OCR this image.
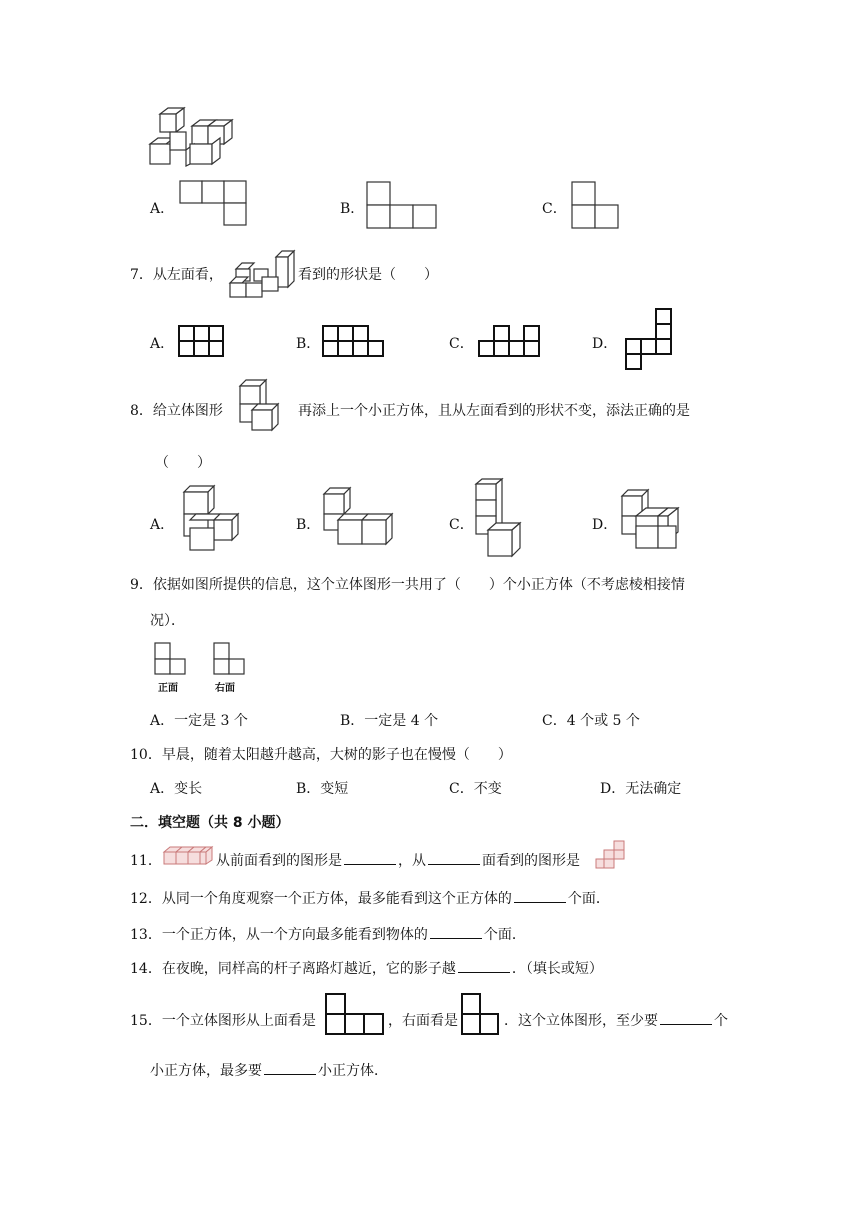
A．	B．	C．
7．从左面看，	看到的形状是（　　）
A．	B．	C．	D．
8．给立体图形	再添上一个小正方体，且从左面看到的形状不变，添法正确的是
（　　）
A．	B．	C．	D．
9．依据如图所提供的信息，这个立体图形一共用了（　　）个小正方体（不考虑棱相接情
况）．
正面	右面
A．一定是 3 个	B．一定是 4 个	C．4 个或 5 个
10．早晨，随着太阳越升越高，大树的影子也在慢慢（　　）
A．变长	B．变短	C．不变	D．无法确定
二．填空题（共 8 小题）
11．	从前面看到的图形是	，从	面看到的图形是
12．从同一个角度观察一个正方体，最多能看到这个正方体的	个面．
13．一个正方体，从一个方向最多能看到物体的	个面．
14．在夜晚，同样高的杆子离路灯越近，它的影子越	．（填长或短）
15．一个立体图形从上面看是	，右面看是	．这个立体图形，至少要	个
小正方体，最多要	小正方体．
